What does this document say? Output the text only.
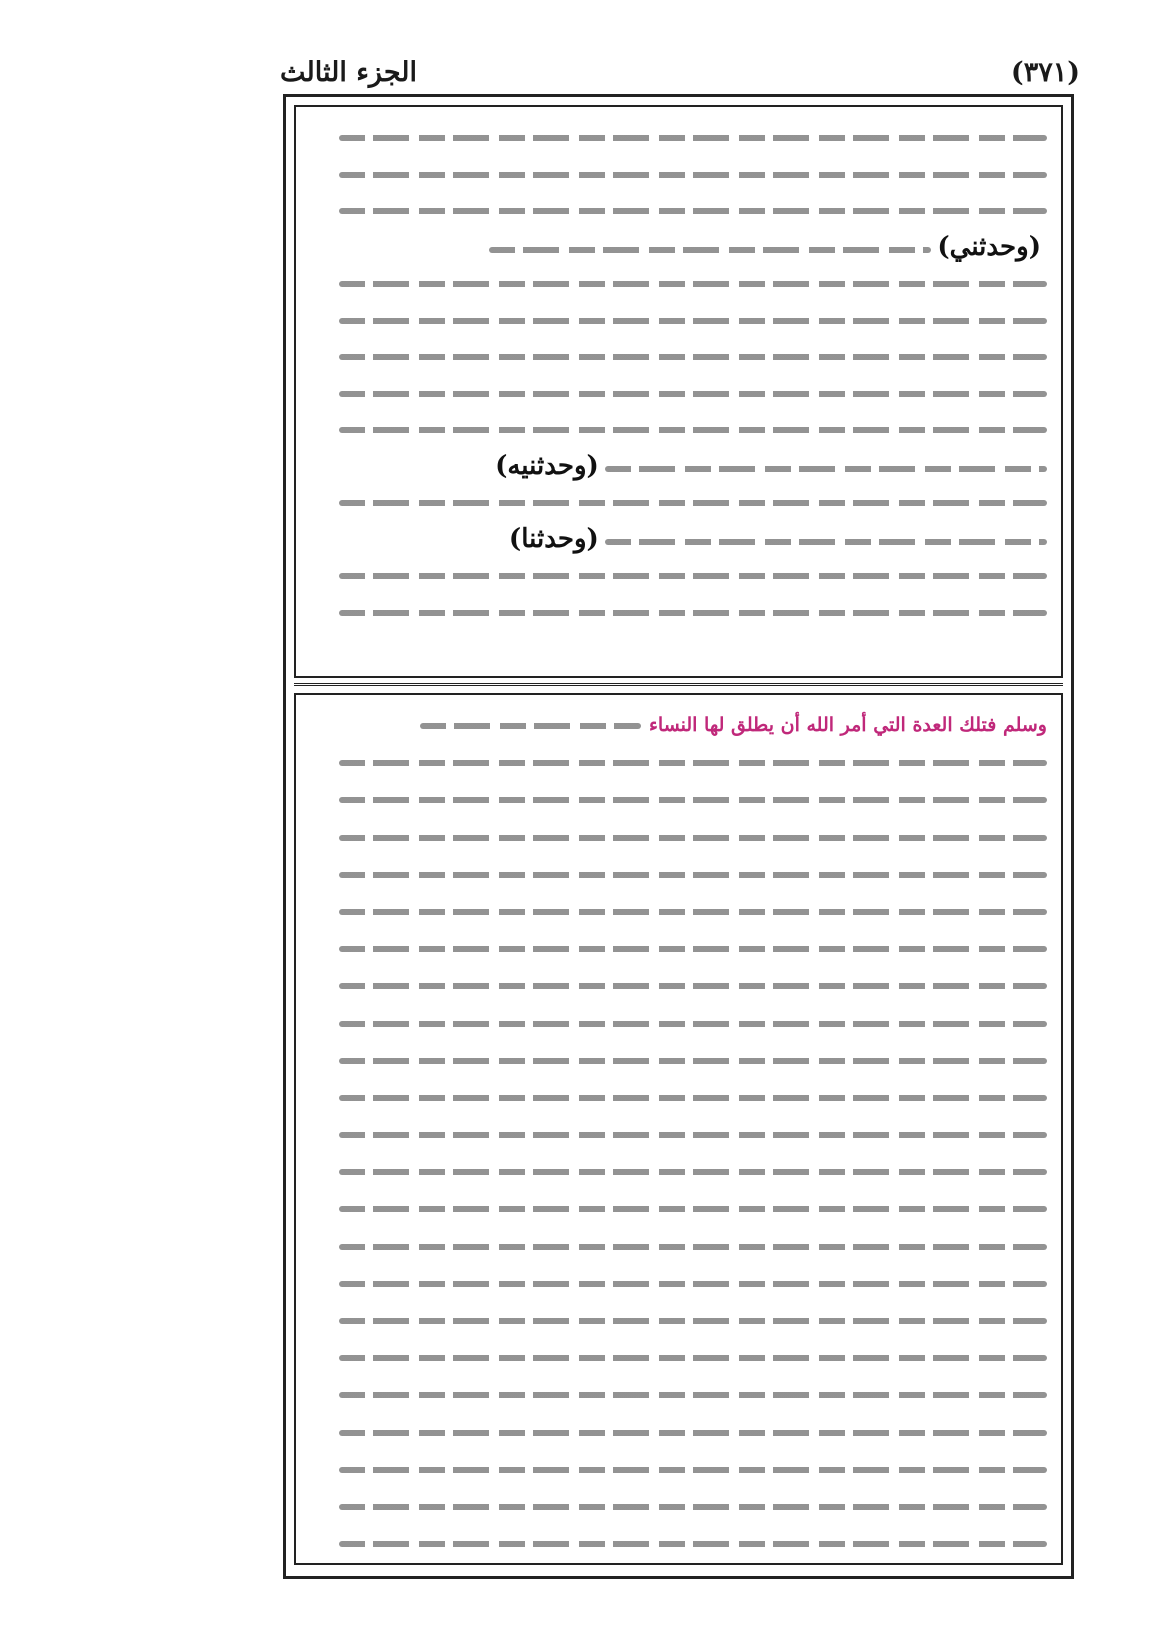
الجزء الثالث	(٣٧١)
(وحدثني)
(وحدثنيه)
(وحدثنا)
وسلم فتلك العدة التي أمر الله أن يطلق لها النساء
